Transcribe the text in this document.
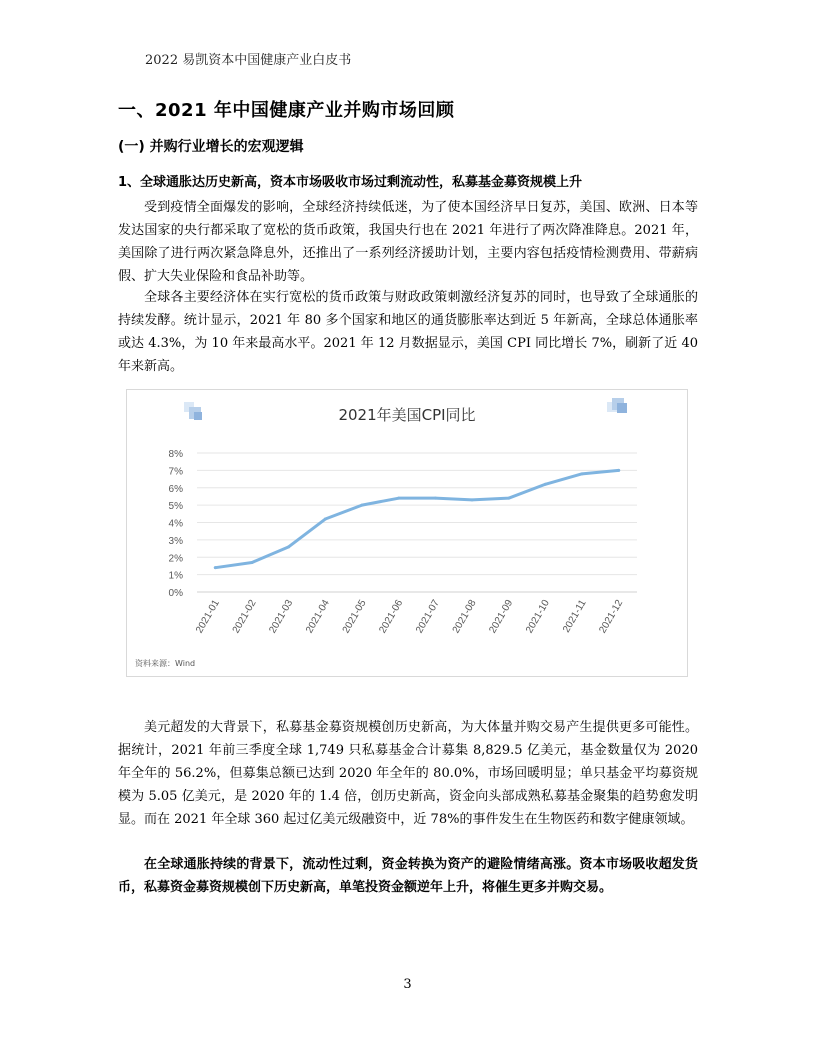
2022 易凯资本中国健康产业白皮书
一、2021 年中国健康产业并购市场回顾
(一) 并购行业增长的宏观逻辑
1、全球通胀达历史新高，资本市场吸收市场过剩流动性，私募基金募资规模上升

受到疫情全面爆发的影响，全球经济持续低迷，为了使本国经济早日复苏，美国、欧洲、日本等发达国家的央行都采取了宽松的货币政策，我国央行也在 2021 年进行了两次降准降息。2021 年，美国除了进行两次紧急降息外，还推出了一系列经济援助计划，主要内容包括疫情检测费用、带薪病假、扩大失业保险和食品补助等。

全球各主要经济体在实行宽松的货币政策与财政政策刺激经济复苏的同时，也导致了全球通胀的持续发酵。统计显示，2021 年 80 多个国家和地区的通货膨胀率达到近 5 年新高，全球总体通胀率或达 4.3%，为 10 年来最高水平。2021 年 12 月数据显示，美国 CPI 同比增长 7%，刷新了近 40 年来新高。

2021年美国CPI同比
0%
1%
2%
3%
4%
5%
6%
7%
8%
2021-01 2021-02 2021-03 2021-04 2021-05 2021-06 2021-07 2021-08 2021-09 2021-10 2021-11 2021-12
资料来源：Wind

美元超发的大背景下，私募基金募资规模创历史新高，为大体量并购交易产生提供更多可能性。据统计，2021 年前三季度全球 1,749 只私募基金合计募集 8,829.5 亿美元，基金数量仅为 2020 年全年的 56.2%，但募集总额已达到 2020 年全年的 80.0%，市场回暖明显；单只基金平均募资规模为 5.05 亿美元，是 2020 年的 1.4 倍，创历史新高，资金向头部成熟私募基金聚集的趋势愈发明显。而在 2021 年全球 360 起过亿美元级融资中，近 78%的事件发生在生物医药和数字健康领域。

在全球通胀持续的背景下，流动性过剩，资金转换为资产的避险情绪高涨。资本市场吸收超发货币，私募资金募资规模创下历史新高，单笔投资金额逆年上升，将催生更多并购交易。

3
